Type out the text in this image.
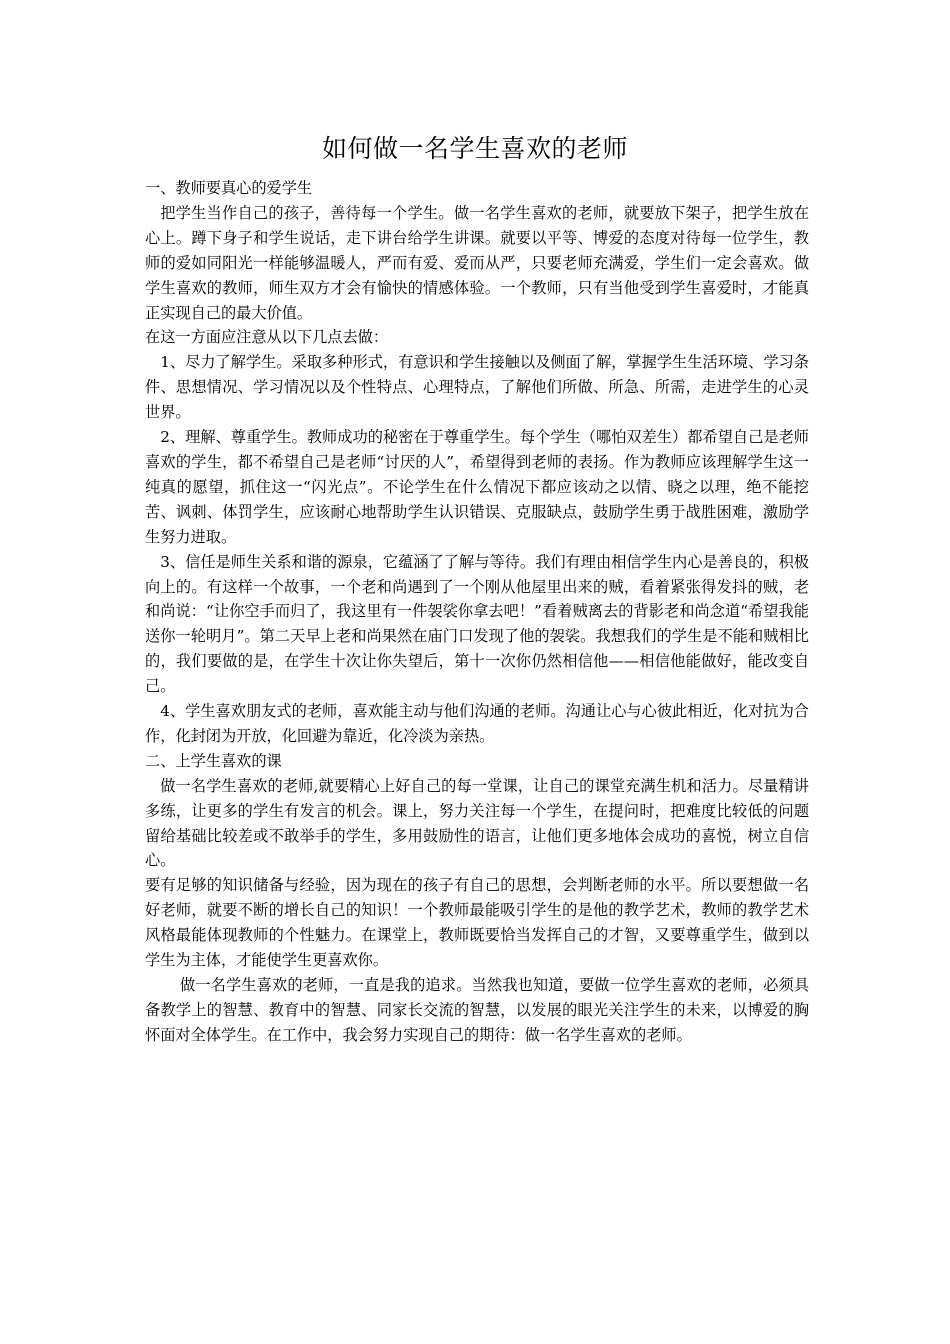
如何做一名学生喜欢的老师

一、教师要真心的爱学生

把学生当作自己的孩子，善待每一个学生。做一名学生喜欢的老师，就要放下架子，把学生放在心上。蹲下身子和学生说话，走下讲台给学生讲课。就要以平等、博爱的态度对待每一位学生，教师的爱如同阳光一样能够温暖人，严而有爱、爱而从严，只要老师充满爱，学生们一定会喜欢。做学生喜欢的教师，师生双方才会有愉快的情感体验。一个教师，只有当他受到学生喜爱时，才能真正实现自己的最大价值。

在这一方面应注意从以下几点去做：

1、尽力了解学生。采取多种形式，有意识和学生接触以及侧面了解，掌握学生生活环境、学习条件、思想情况、学习情况以及个性特点、心理特点，了解他们所做、所急、所需，走进学生的心灵世界。

2、理解、尊重学生。教师成功的秘密在于尊重学生。每个学生（哪怕双差生）都希望自己是老师喜欢的学生，都不希望自己是老师“讨厌的人”，希望得到老师的表扬。作为教师应该理解学生这一纯真的愿望，抓住这一“闪光点”。不论学生在什么情况下都应该动之以情、晓之以理，绝不能挖苦、讽刺、体罚学生，应该耐心地帮助学生认识错误、克服缺点，鼓励学生勇于战胜困难，激励学生努力进取。

3、信任是师生关系和谐的源泉，它蕴涵了了解与等待。我们有理由相信学生内心是善良的，积极向上的。有这样一个故事，一个老和尚遇到了一个刚从他屋里出来的贼，看着紧张得发抖的贼，老和尚说：“让你空手而归了，我这里有一件袈裟你拿去吧！”看着贼离去的背影老和尚念道“希望我能送你一轮明月”。第二天早上老和尚果然在庙门口发现了他的袈裟。我想我们的学生是不能和贼相比的，我们要做的是，在学生十次让你失望后，第十一次你仍然相信他——相信他能做好，能改变自己。

4、学生喜欢朋友式的老师，喜欢能主动与他们沟通的老师。沟通让心与心彼此相近，化对抗为合作，化封闭为开放，化回避为靠近，化冷淡为亲热。

二、上学生喜欢的课

做一名学生喜欢的老师,就要精心上好自己的每一堂课，让自己的课堂充满生机和活力。尽量精讲多练，让更多的学生有发言的机会。课上，努力关注每一个学生，在提问时，把难度比较低的问题留给基础比较差或不敢举手的学生，多用鼓励性的语言，让他们更多地体会成功的喜悦，树立自信心。

要有足够的知识储备与经验，因为现在的孩子有自己的思想，会判断老师的水平。所以要想做一名好老师，就要不断的增长自己的知识！一个教师最能吸引学生的是他的教学艺术，教师的教学艺术风格最能体现教师的个性魅力。在课堂上，教师既要恰当发挥自己的才智，又要尊重学生，做到以学生为主体，才能使学生更喜欢你。

做一名学生喜欢的老师，一直是我的追求。当然我也知道，要做一位学生喜欢的老师，必须具备教学上的智慧、教育中的智慧、同家长交流的智慧，以发展的眼光关注学生的未来，以博爱的胸怀面对全体学生。在工作中，我会努力实现自己的期待：做一名学生喜欢的老师。
